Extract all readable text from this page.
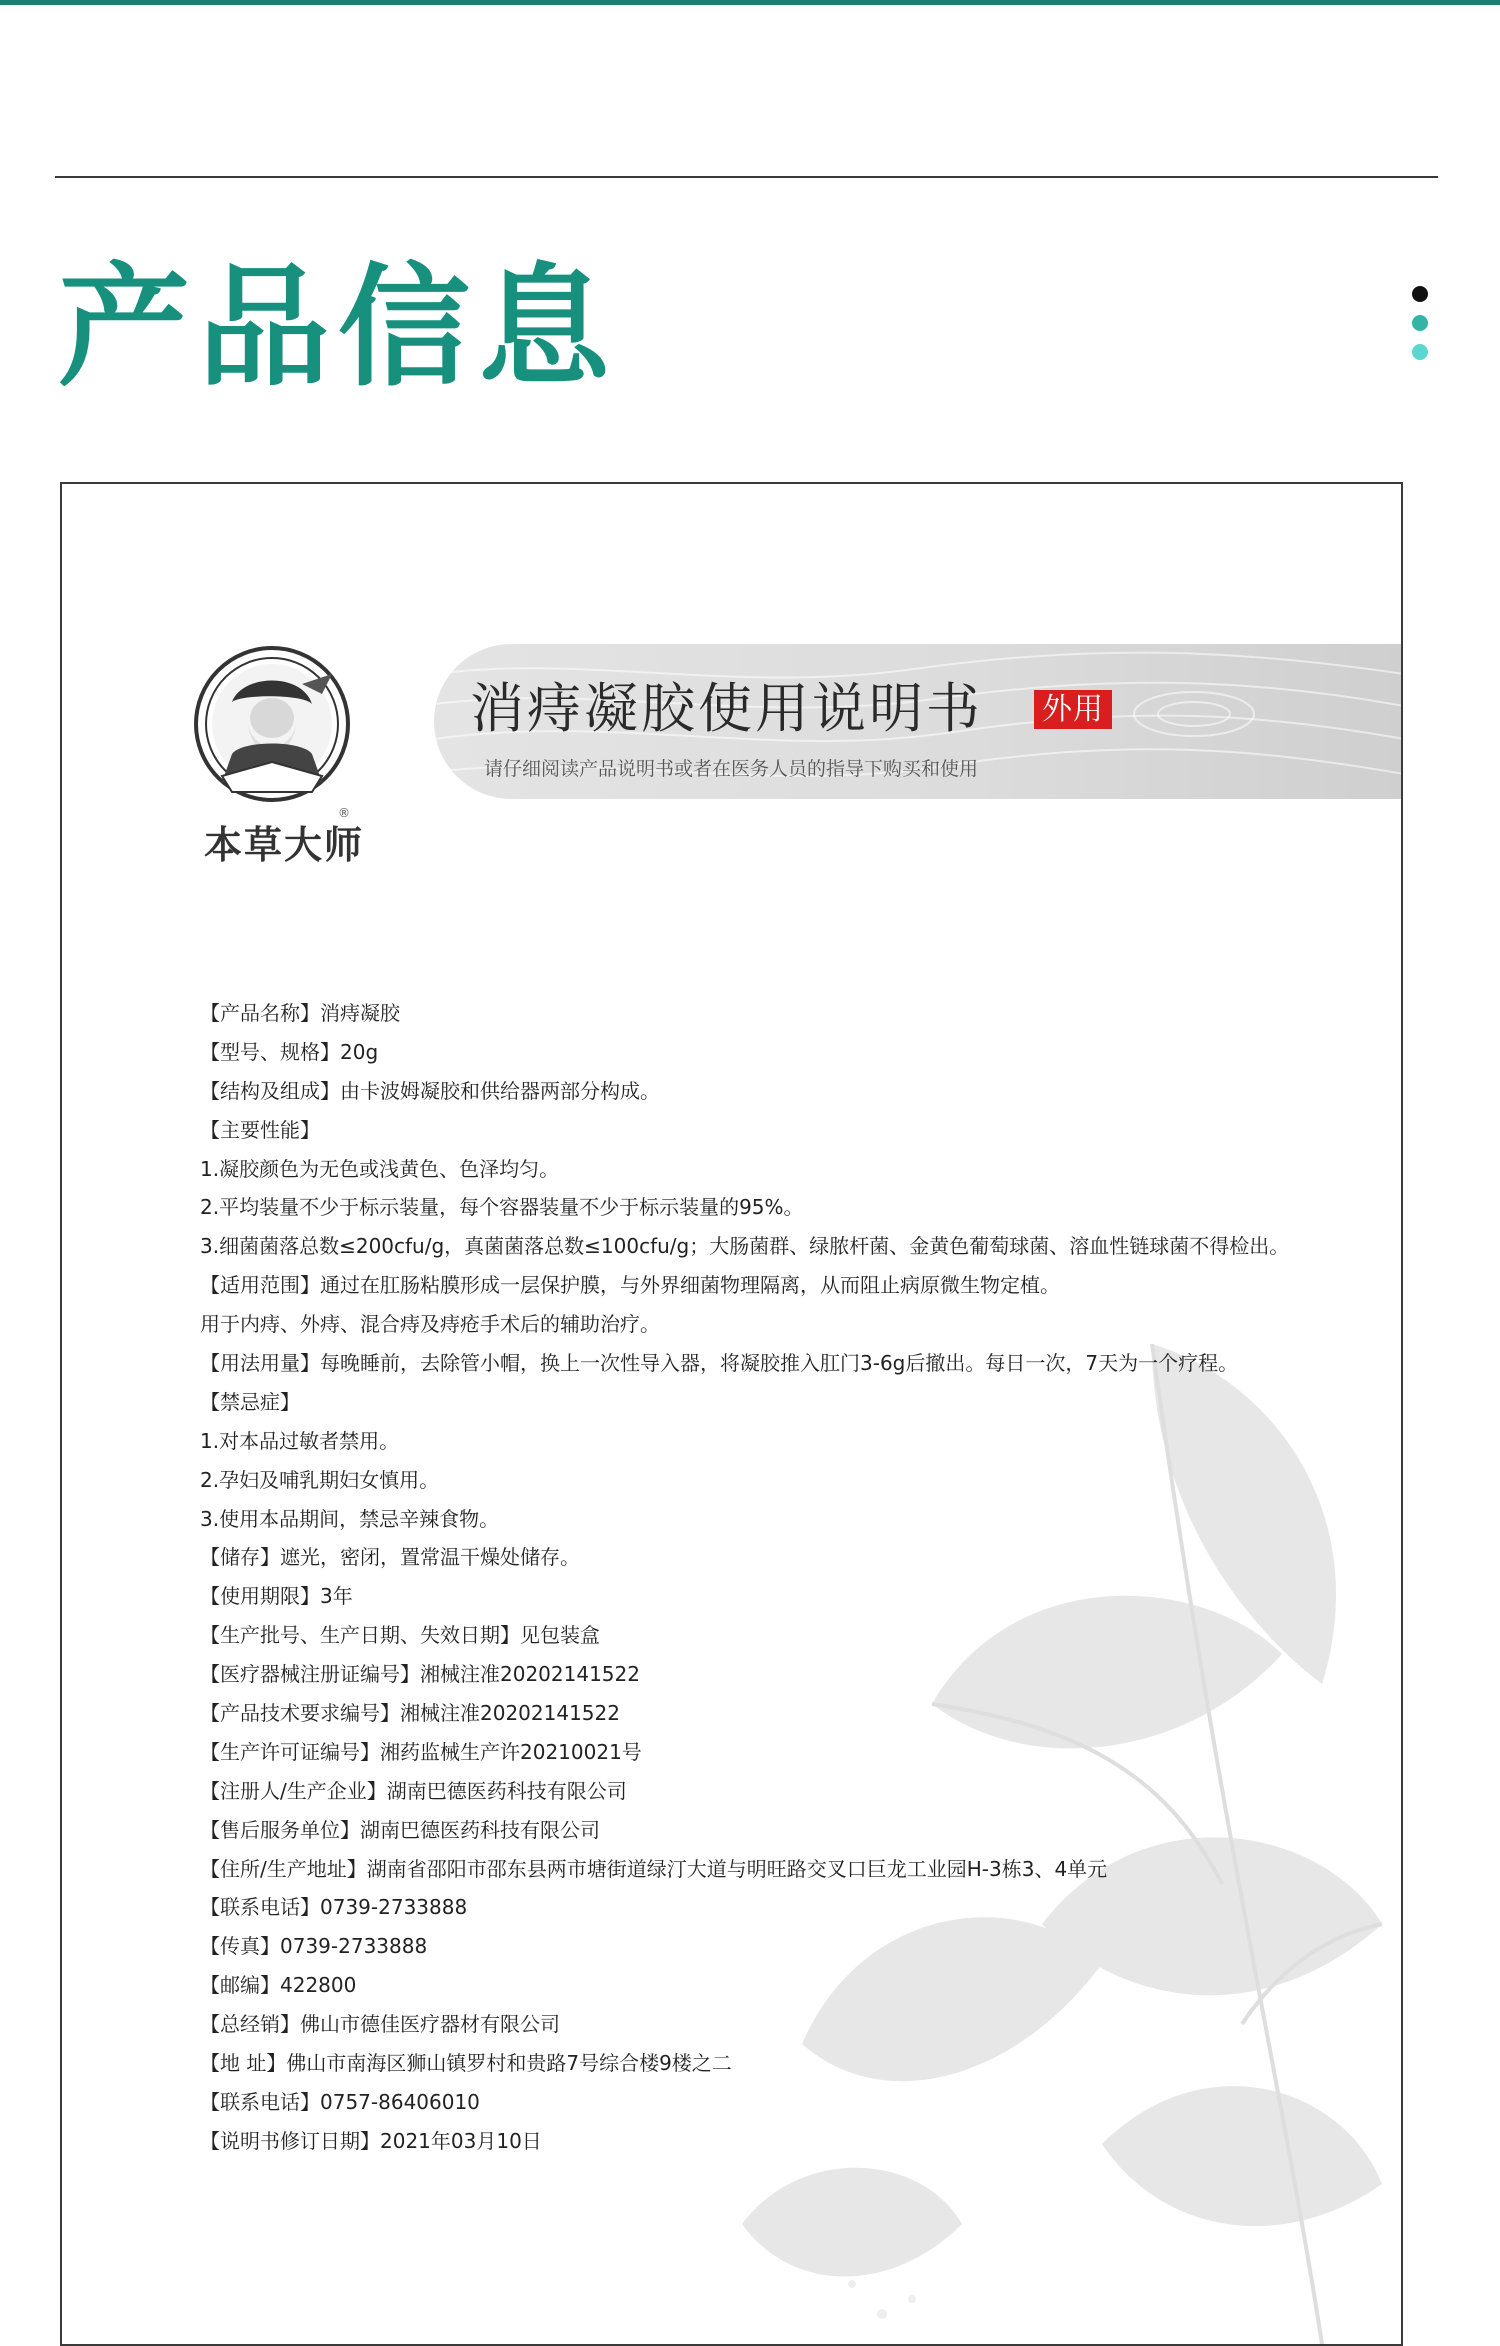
产品信息
本草大师
®
消痔凝胶使用说明书 外用
请仔细阅读产品说明书或者在医务人员的指导下购买和使用
【产品名称】消痔凝胶
【型号、规格】20g
【结构及组成】由卡波姆凝胶和供给器两部分构成。
【主要性能】
1.凝胶颜色为无色或浅黄色、色泽均匀。
2.平均装量不少于标示装量，每个容器装量不少于标示装量的95%。
3.细菌菌落总数≤200cfu/g，真菌菌落总数≤100cfu/g；大肠菌群、绿脓杆菌、金黄色葡萄球菌、溶血性链球菌不得检出。
【适用范围】通过在肛肠粘膜形成一层保护膜，与外界细菌物理隔离，从而阻止病原微生物定植。
用于内痔、外痔、混合痔及痔疮手术后的辅助治疗。
【用法用量】每晚睡前，去除管小帽，换上一次性导入器，将凝胶推入肛门3-6g后撤出。每日一次，7天为一个疗程。
【禁忌症】
1.对本品过敏者禁用。
2.孕妇及哺乳期妇女慎用。
3.使用本品期间，禁忌辛辣食物。
【储存】遮光，密闭，置常温干燥处储存。
【使用期限】3年
【生产批号、生产日期、失效日期】见包装盒
【医疗器械注册证编号】湘械注准20202141522
【产品技术要求编号】湘械注准20202141522
【生产许可证编号】湘药监械生产许20210021号
【注册人/生产企业】湖南巴德医药科技有限公司
【售后服务单位】湖南巴德医药科技有限公司
【住所/生产地址】湖南省邵阳市邵东县两市塘街道绿汀大道与明旺路交叉口巨龙工业园H-3栋3、4单元
【联系电话】0739-2733888
【传真】0739-2733888
【邮编】422800
【总经销】佛山市德佳医疗器材有限公司
【地 址】佛山市南海区狮山镇罗村和贵路7号综合楼9楼之二
【联系电话】0757-86406010
【说明书修订日期】2021年03月10日
